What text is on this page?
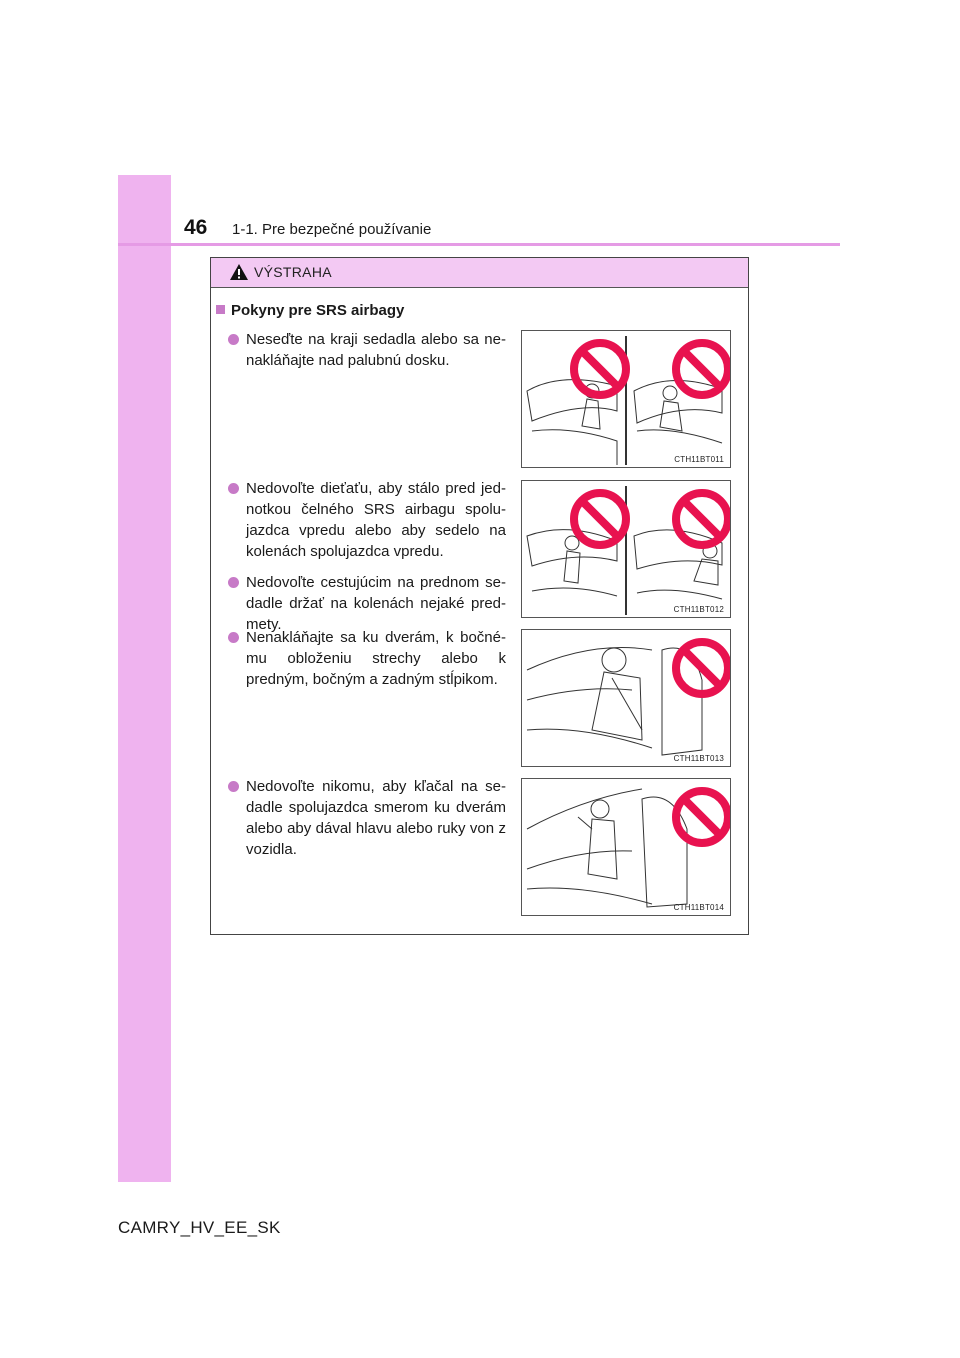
46 1-1. Pre bezpečné používanie
VÝSTRAHA
Pokyny pre SRS airbagy
Neseďte na kraji sedadla alebo sa nenakláňajte nad palubnú dosku.
Nedovoľte dieťaťu, aby stálo pred jednotkou čelného SRS airbagu spolujazdca vpredu alebo aby sedelo na kolenách spolujazdca vpredu.
Nedovoľte cestujúcim na prednom sedadle držať na kolenách nejaké predmety.
Nenakláňajte sa ku dverám, k bočnému obloženiu strechy alebo k predným, bočným a zadným stĺpikom.
Nedovoľte nikomu, aby kľačal na sedadle spolujazdca smerom ku dverám alebo aby dával hlavu alebo ruky von z vozidla.
CTH11BT011
CTH11BT012
CTH11BT013
CTH11BT014
CAMRY_HV_EE_SK
